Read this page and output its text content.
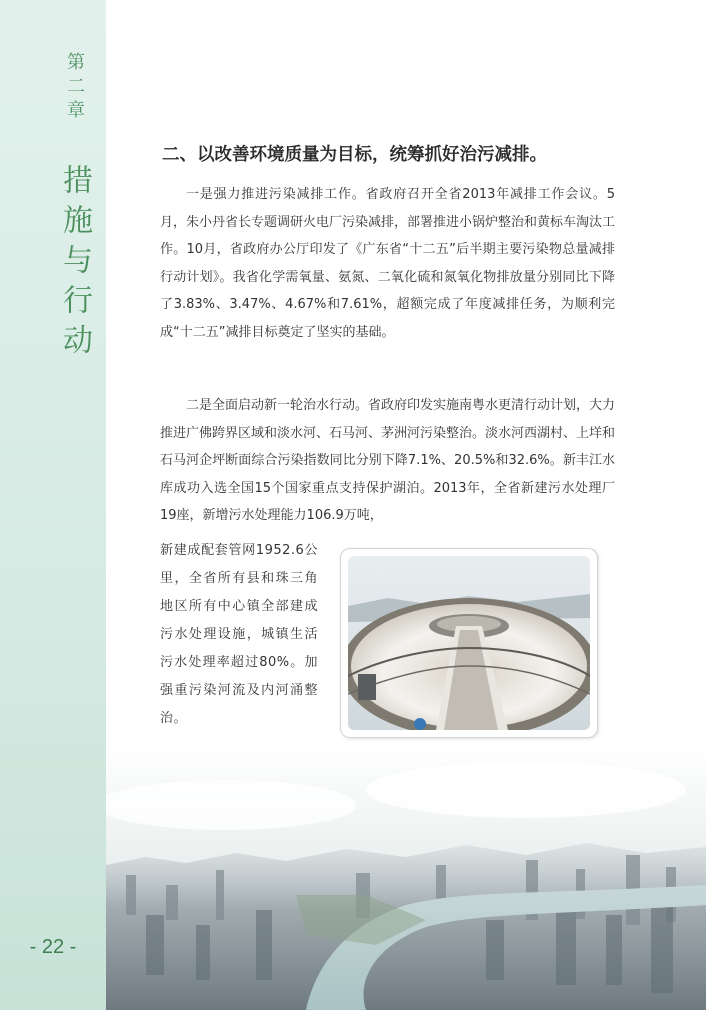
第二章
措施与行动
- 22 -
二、以改善环境质量为目标，统筹抓好治污减排。

一是强力推进污染减排工作。省政府召开全省2013年减排工作会议。5月，朱小丹省长专题调研火电厂污染减排，部署推进小锅炉整治和黄标车淘汰工作。10月，省政府办公厅印发了《广东省“十二五”后半期主要污染物总量减排行动计划》。我省化学需氧量、氨氮、二氧化硫和氮氧化物排放量分别同比下降了3.83%、3.47%、4.67%和7.61%，超额完成了年度减排任务，为顺利完成“十二五”减排目标奠定了坚实的基础。

二是全面启动新一轮治水行动。省政府印发实施南粤水更清行动计划，大力推进广佛跨界区域和淡水河、石马河、茅洲河污染整治。淡水河西湖村、上垟和石马河企坪断面综合污染指数同比分别下降7.1%、20.5%和32.6%。新丰江水库成功入选全国15个国家重点支持保护湖泊。2013年，全省新建污水处理厂19座，新增污水处理能力106.9万吨，

新建成配套管网1952.6公里，全省所有县和珠三角地区所有中心镇全部建成污水处理设施，城镇生活污水处理率超过80%。加强重污染河流及内河涌整治。
